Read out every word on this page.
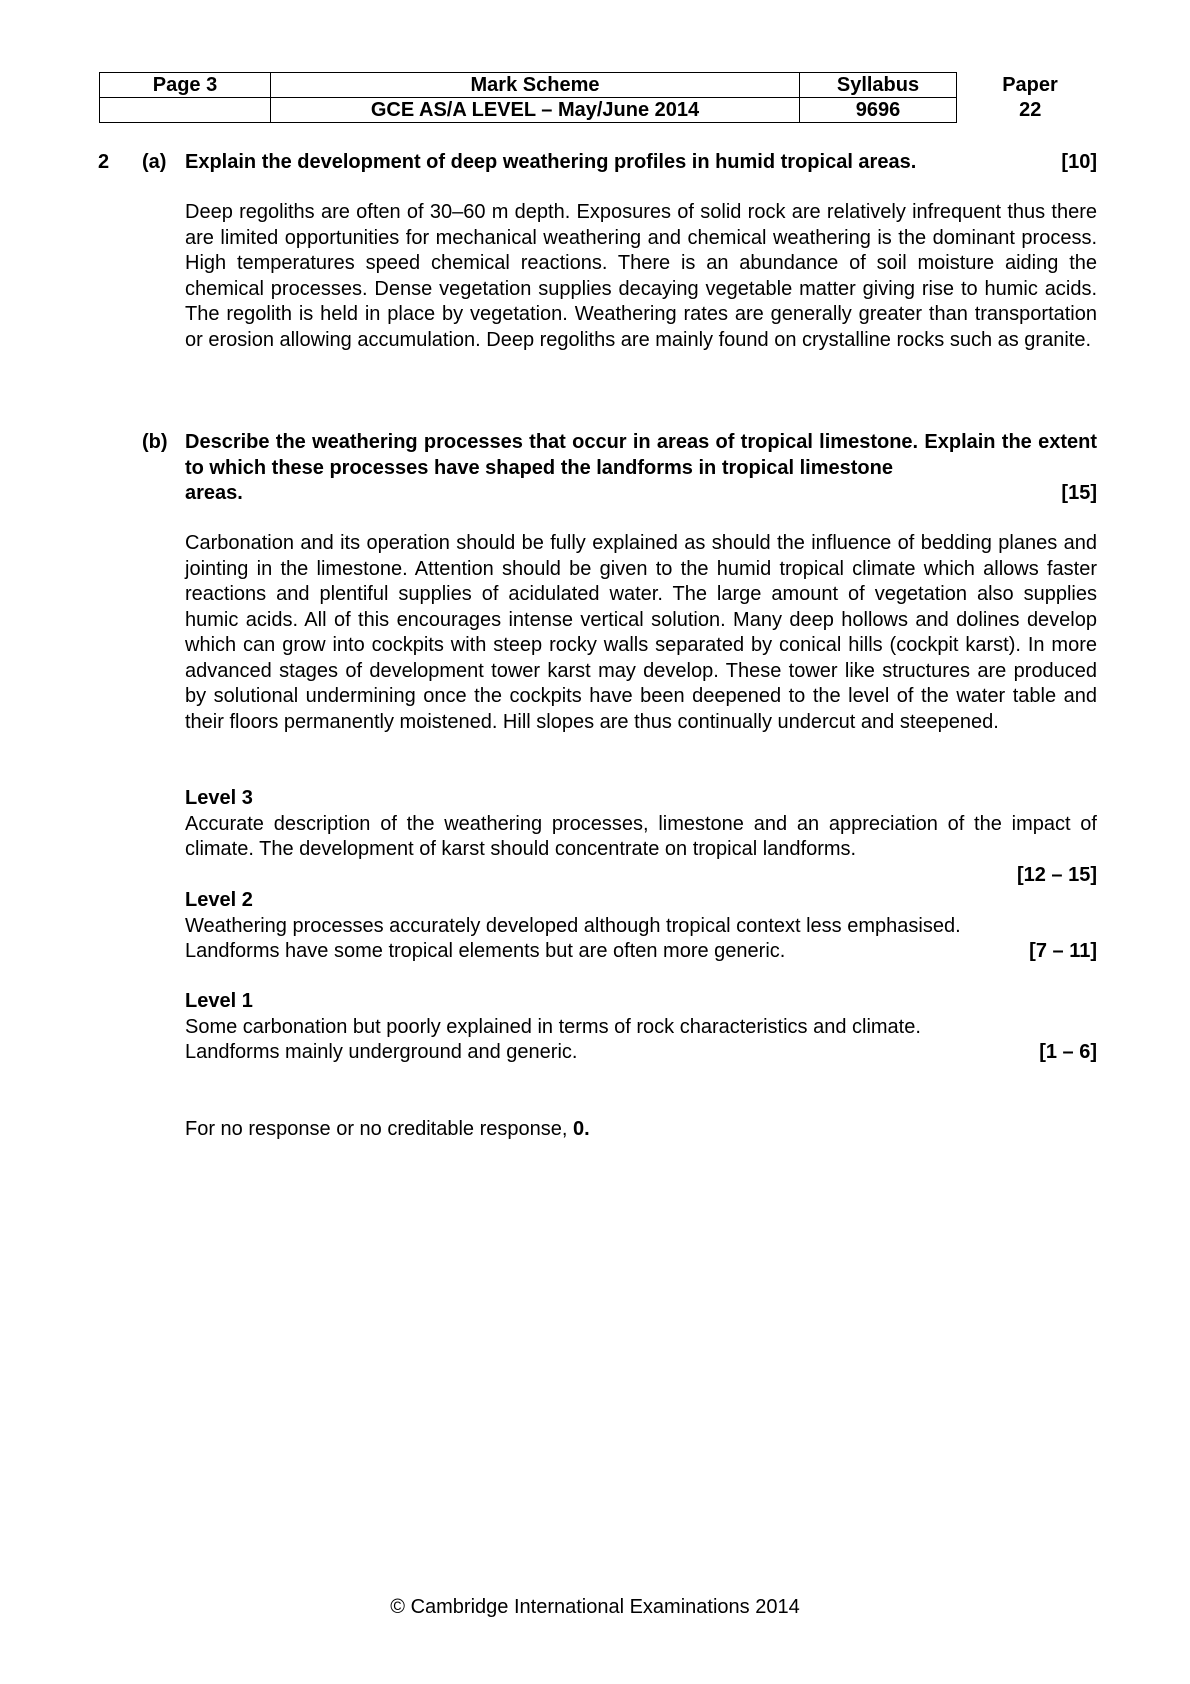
Page 3	Mark Scheme	Syllabus	Paper
	GCE AS/A LEVEL – May/June 2014	9696	22
2 (a) Explain the development of deep weathering profiles in humid tropical areas.	[10]
Deep regoliths are often of 30–60 m depth. Exposures of solid rock are relatively infrequent thus there are limited opportunities for mechanical weathering and chemical weathering is the dominant process. High temperatures speed chemical reactions. There is an abundance of soil moisture aiding the chemical processes. Dense vegetation supplies decaying vegetable matter giving rise to humic acids. The regolith is held in place by vegetation. Weathering rates are generally greater than transportation or erosion allowing accumulation. Deep regoliths are mainly found on crystalline rocks such as granite.
(b) Describe the weathering processes that occur in areas of tropical limestone. Explain the extent to which these processes have shaped the landforms in tropical limestone
areas.	[15]
Carbonation and its operation should be fully explained as should the influence of bedding planes and jointing in the limestone. Attention should be given to the humid tropical climate which allows faster reactions and plentiful supplies of acidulated water. The large amount of vegetation also supplies humic acids. All of this encourages intense vertical solution. Many deep hollows and dolines develop which can grow into cockpits with steep rocky walls separated by conical hills (cockpit karst). In more advanced stages of development tower karst may develop. These tower like structures are produced by solutional undermining once the cockpits have been deepened to the level of the water table and their floors permanently moistened. Hill slopes are thus continually undercut and steepened.
Level 3
Accurate description of the weathering processes, limestone and an appreciation of the impact of climate. The development of karst should concentrate on tropical landforms.
[12 – 15]
Level 2
Weathering processes accurately developed although tropical context less emphasised.
Landforms have some tropical elements but are often more generic.	[7 – 11]
Level 1
Some carbonation but poorly explained in terms of rock characteristics and climate.
Landforms mainly underground and generic.	[1 – 6]
For no response or no creditable response, 0.
© Cambridge International Examinations 2014
